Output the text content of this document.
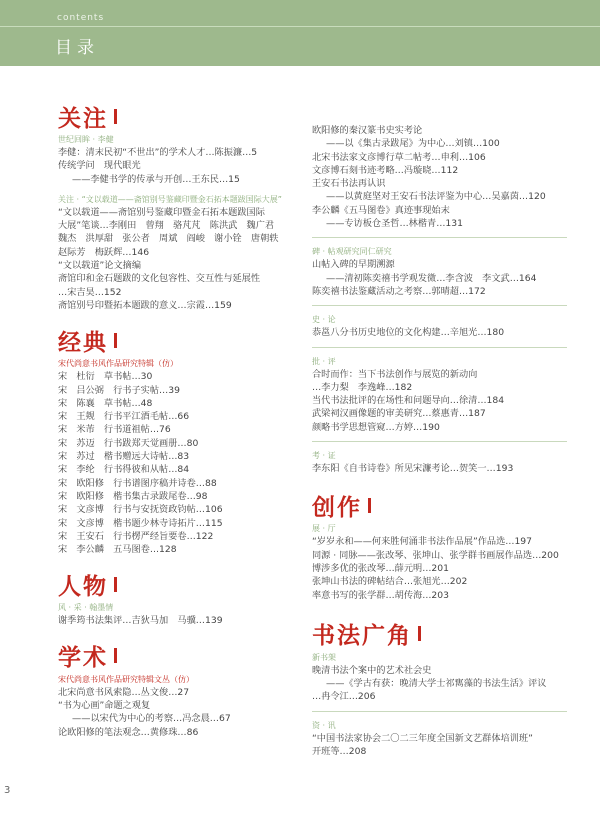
contents
目录
关注
世纪回眸 · 李健
李健：清末民初“不世出”的学术人才…陈振濂…5
传统学问　现代眼光
——李健书学的传承与开创…王东民…15
关注 · “文以载道——斋馆别号鉴藏印暨金石拓本题跋国际大展”
“文以载道——斋馆别号鉴藏印暨金石拓本题跋国际
大展”笔谈…李刚田　曾翔　骆芃芃　陈洪武　魏广君
魏杰　洪厚甜　张公者　周斌　阎峻　谢小铨　唐朝轶
赵际芳　梅跃辉…146
“文以载道”论文摘编
斋馆印和金石题跋的文化包容性、交互性与延展性
…宋吉昊…152
斋馆别号印暨拓本题跋的意义…宗霞…159
经典
宋代尚意书风作品研究特辑（仿）
宋　杜衍　草书帖…30
宋　吕公弼　行书子实帖…39
宋　陈襄　草书帖…48
宋　王觌　行书平江酒毛帖…66
宋　米芾　行书道祖帖…76
宋　苏迈　行书跋郑天觉画册…80
宋　苏过　楷书赠远大诗帖…83
宋　李纶　行书得彼和从帖…84
宋　欧阳修　行书谱图序稿并诗卷…88
宋　欧阳修　楷书集古录跋尾卷…98
宋　文彦博　行书与安抚资政钧帖…106
宋　文彦博　楷书题少林寺诗拓片…115
宋　王安石　行书楞严经旨要卷…122
宋　李公麟　五马图卷…128
人物
风 · 采 · 翰墨情
谢季筠书法集评…吉狄马加　马骥…139
学术
宋代尚意书风作品研究特辑文丛（仿）
北宋尚意书风索隐…丛文俊…27
“书为心画”命题之观复
——以宋代为中心的考察…冯念晨…67
论欧阳修的笔法观念…黄修珠…86
欧阳修的秦汉篆书史实考论
——以《集古录跋尾》为中心…刘镇…100
北宋书法家文彦博行草二帖考…申利…106
文彦博石刻书迹考略…冯璇晓…112
王安石书法再认识
——以黄庭坚对王安石书法评鉴为中心…吴嘉茵…120
李公麟《五马图卷》真迹事现始末
——专访板仓圣哲…林楷青…131
碑 · 帖观研究同仁研究
山帖入碑的早期溯源
——清初陈奕禧书学观发微…李含波　李文武…164
陈奕禧书法鉴藏活动之考察…郭晴超…172
史 · 论
恭邕八分书历史地位的文化构建…辛旭光…180
批 · 评
合时而作：当下书法创作与展览的新动向
…李力梨　李逸峰…182
当代书法批评的在场性和问题导向…徐清…184
武梁祠汉画像题的审美研究…蔡惠青…187
颜略书学思想管窥…方婷…190
考 · 证
李东阳《自书诗卷》所见宋濂考论…贺笑一…193
创作
展 · 厅
“岁岁永和——何来胜何涌非书法作品展”作品选…197
同源 · 同脉——张改琴、张坤山、张学群书画展作品选…200
博涉多优的张改琴…薛元明…201
张坤山书法的碑帖结合…张旭光…202
率意书写的张学群…胡传海…203
书法广角
新书架
晚清书法个案中的艺术社会史
——《学古有获：晚清大学士祁寯藻的书法生活》评议
…冉令江…206
资 · 讯
“中国书法家协会二〇二三年度全国新文艺群体培训班”
开班等…208
3
